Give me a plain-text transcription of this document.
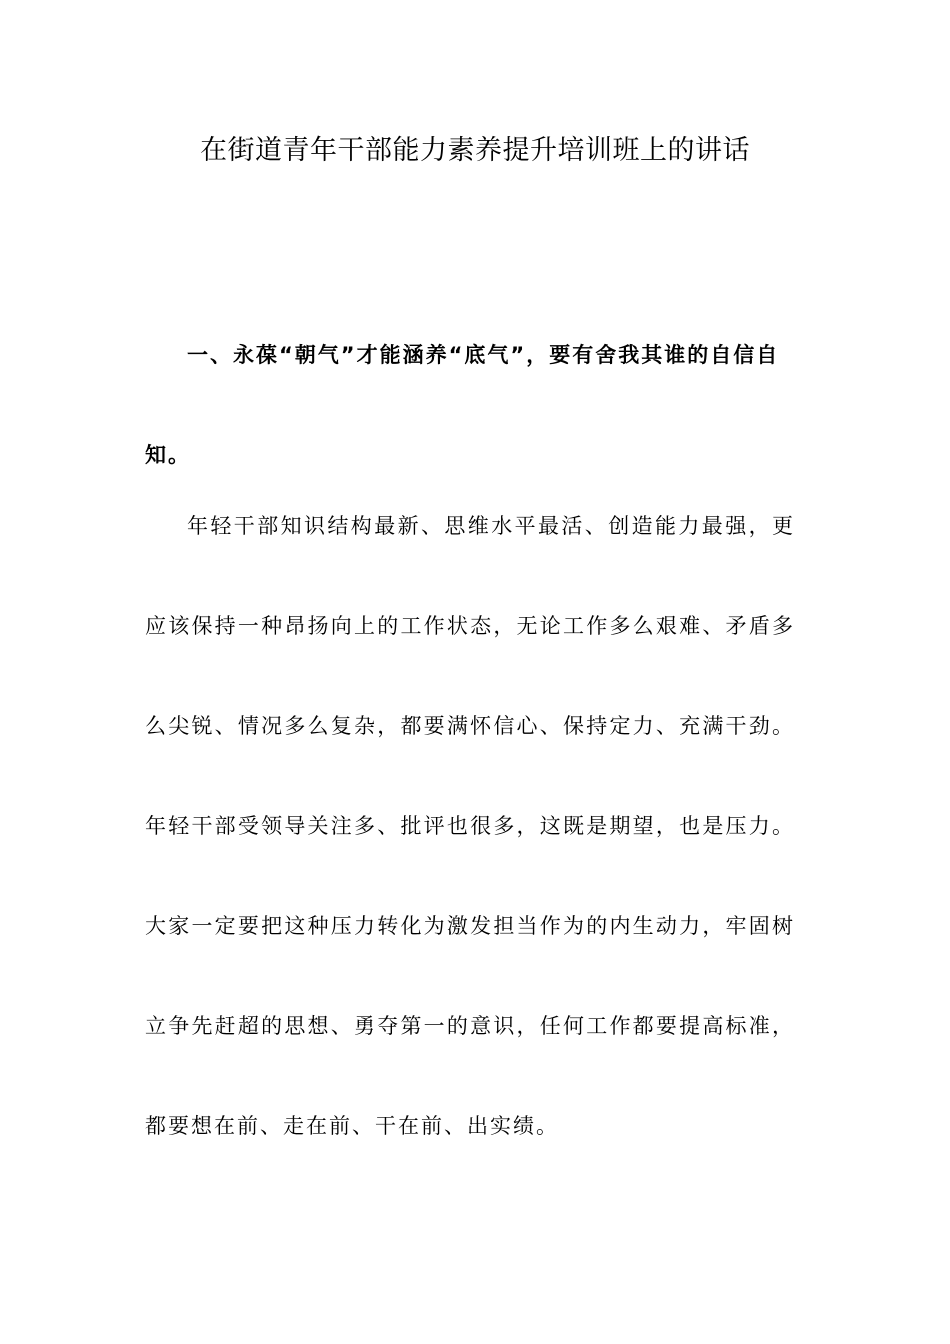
在街道青年干部能力素养提升培训班上的讲话

一、永葆“朝气”才能涵养“底气”，要有舍我其谁的自信自知。

年轻干部知识结构最新、思维水平最活、创造能力最强，更应该保持一种昂扬向上的工作状态，无论工作多么艰难、矛盾多么尖锐、情况多么复杂，都要满怀信心、保持定力、充满干劲。年轻干部受领导关注多、批评也很多，这既是期望，也是压力。大家一定要把这种压力转化为激发担当作为的内生动力，牢固树立争先赶超的思想、勇夺第一的意识，任何工作都要提高标准，都要想在前、走在前、干在前、出实绩。
